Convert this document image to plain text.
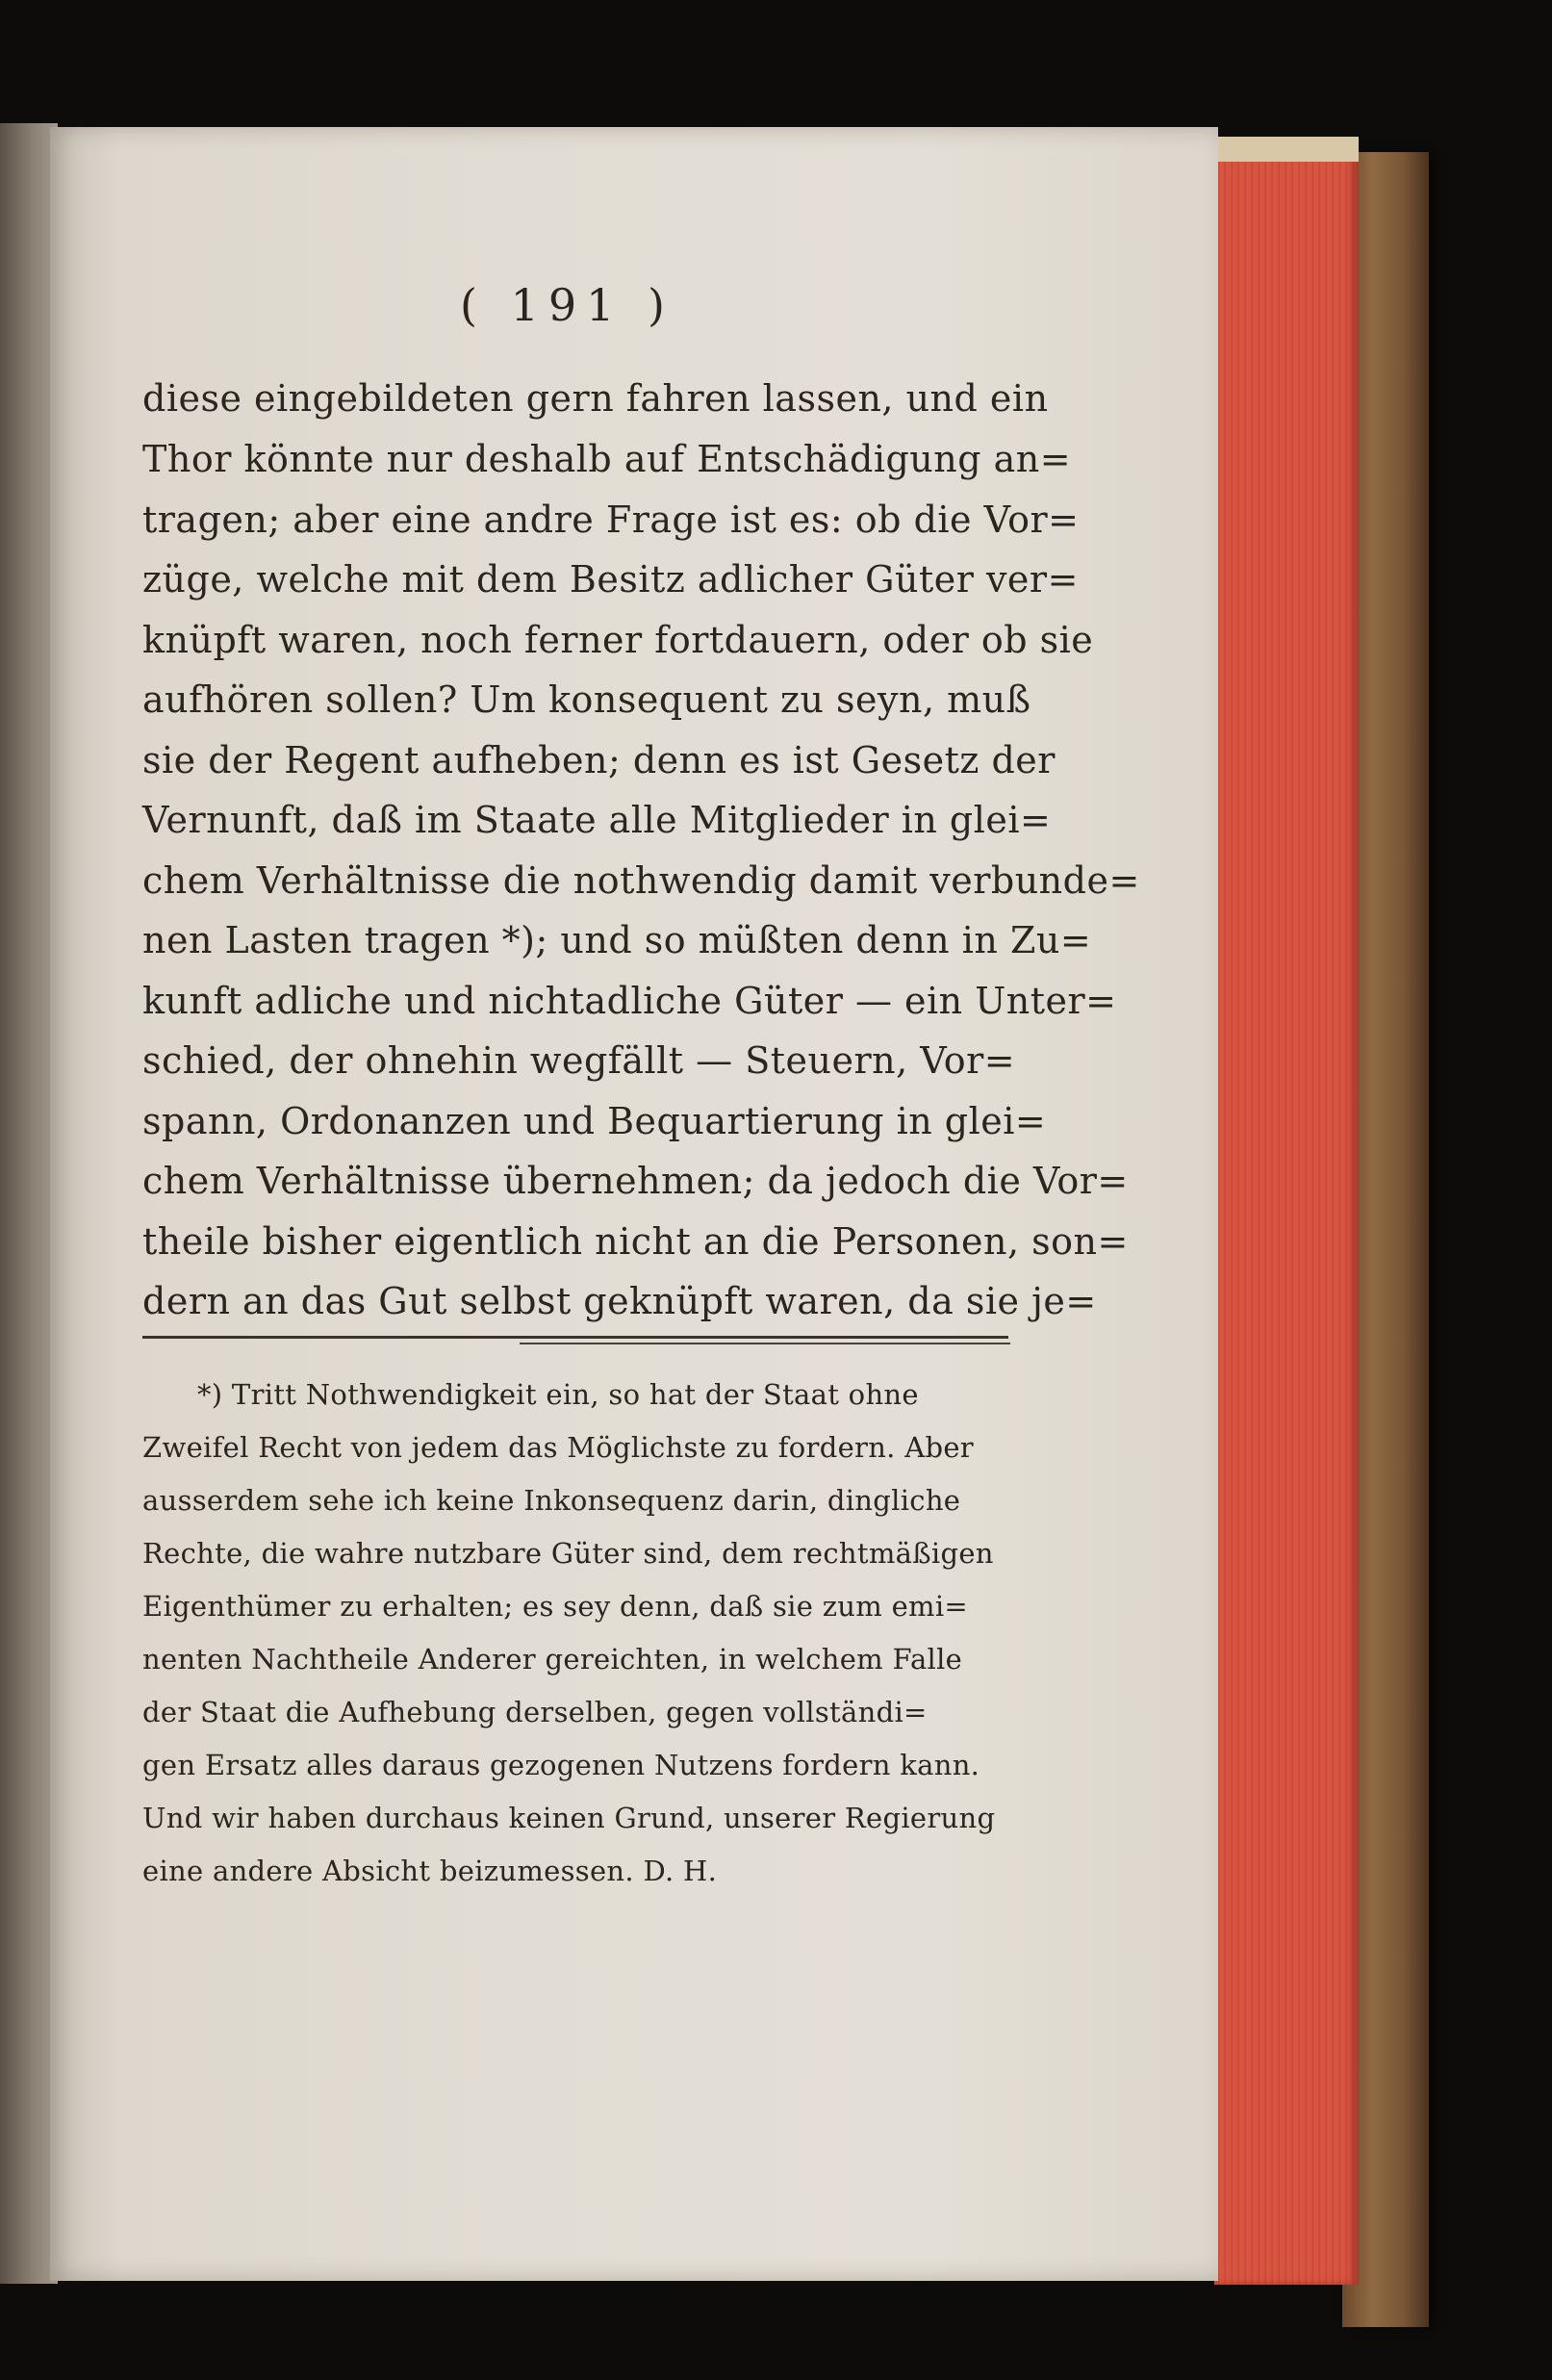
( 191 )
diese eingebildeten gern fahren lassen, und ein
Thor könnte nur deshalb auf Entschädigung an=
tragen; aber eine andre Frage ist es: ob die Vor=
züge, welche mit dem Besitz adlicher Güter ver=
knüpft waren, noch ferner fortdauern, oder ob sie
aufhören sollen? Um konsequent zu seyn, muß
sie der Regent aufheben; denn es ist Gesetz der
Vernunft, daß im Staate alle Mitglieder in glei=
chem Verhältnisse die nothwendig damit verbunde=
nen Lasten tragen *); und so müßten denn in Zu=
kunft adliche und nichtadliche Güter — ein Unter=
schied, der ohnehin wegfällt — Steuern, Vor=
spann, Ordonanzen und Bequartierung in glei=
chem Verhältnisse übernehmen; da jedoch die Vor=
theile bisher eigentlich nicht an die Personen, son=
dern an das Gut selbst geknüpft waren, da sie je=
*) Tritt Nothwendigkeit ein, so hat der Staat ohne
Zweifel Recht von jedem das Möglichste zu fordern. Aber
ausserdem sehe ich keine Inkonsequenz darin, dingliche
Rechte, die wahre nutzbare Güter sind, dem rechtmäßigen
Eigenthümer zu erhalten; es sey denn, daß sie zum emi=
nenten Nachtheile Anderer gereichten, in welchem Falle
der Staat die Aufhebung derselben, gegen vollständi=
gen Ersatz alles daraus gezogenen Nutzens fordern kann.
Und wir haben durchaus keinen Grund, unserer Regierung
eine andere Absicht beizumessen. D. H.
